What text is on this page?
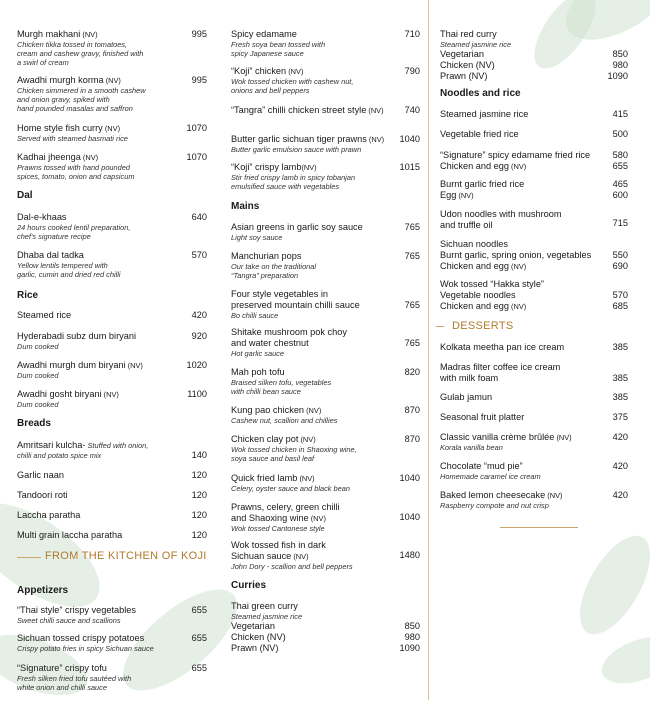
Murgh makhani (NV)
Chicken tikka tossed in tomatoes,
cream and cashew gravy, finished with
a swirl of cream
995
Awadhi murgh korma (NV)
Chicken simmered in a smooth cashew
and onion gravy, spiked with
hand pounded masalas and saffron
995
Home style fish curry (NV)
Served with steamed basmati rice
1070
Kadhai jheenga (NV)
Prawns tossed with hand pounded
spices, tomato, onion and capsicum
1070
Dal
Dal-e-khaas
24 hours cooked lentil preparation,
chef's signature recipe
640
Dhaba dal tadka
Yellow lentils tempered with
garlic, cumin and dried red chilli
570
Rice
Steamed rice	420
Hyderabadi subz dum biryani
Dum cooked
920
Awadhi murgh dum biryani (NV)
Dum cooked
1020
Awadhi gosht biryani (NV)
Dum cooked
1100
Breads
Amritsari kulcha- Stuffed with onion,
chilli and potato spice mix	140
Garlic naan	120
Tandoori roti	120
Laccha paratha	120
Multi grain laccha paratha	120
FROM THE KITCHEN OF KOJI
Appetizers
“Thai style” crispy vegetables
Sweet chilli sauce and scallions
655
Sichuan tossed crispy potatoes
Crispy potato fries in spicy Sichuan sauce
655
“Signature” crispy tofu
Fresh silken fried tofu sautéed with
white onion and chilli sauce
655
Spicy edamame
Fresh soya bean tossed with
spicy Japanese sauce
710
“Koji” chicken (NV)
Wok tossed chicken with cashew nut,
onions and bell peppers
790
“Tangra” chilli chicken street style (NV)	740
Butter garlic sichuan tiger prawns (NV)
Butter garlic emulsion sauce with prawn
1040
“Koji” crispy lamb(NV)
Stir fried crispy lamb in spicy tobanjan
emulsified sauce with vegetables
1015
Mains
Asian greens in garlic soy sauce
Light soy sauce
765
Manchurian pops
Our take on the traditional
“Tangra” preparation
765
Four style vegetables in
preserved mountain chilli sauce
Bo chilli sauce
765
Shitake mushroom pok choy
and water chestnut
Hot garlic sauce
765
Mah poh tofu
Braised silken tofu, vegetables
with chilli bean sauce
820
Kung pao chicken (NV)
Cashew nut, scallion and chillies
870
Chicken clay pot (NV)
Wok tossed chicken in Shaoxing wine,
soya sauce and basil leaf
870
Quick fried lamb (NV)
Celery, oyster sauce and black bean
1040
Prawns, celery, green chilli
and Shaoxing wine (NV)
Wok tossed Cantonese style
1040
Wok tossed fish in dark
Sichuan sauce (NV)
John Dory - scallion and bell peppers
1480
Curries
Thai green curry
Steamed jasmine rice
Vegetarian	850
Chicken (NV)	980
Prawn (NV)	1090
Thai red curry
Steamed jasmine rice
Vegetarian	850
Chicken (NV)	980
Prawn (NV)	1090
Noodles and rice
Steamed jasmine rice	415
Vegetable fried rice	500
“Signature” spicy edamame fried rice	580
Chicken and egg (NV)	655
Burnt garlic fried rice	465
Egg (NV)	600
Udon noodles with mushroom
and truffle oil	715
Sichuan noodles
Burnt garlic, spring onion, vegetables 550
Chicken and egg (NV)	690
Wok tossed “Hakka style”
Vegetable noodles	570
Chicken and egg (NV)	685
DESSERTS
Kolkata meetha pan ice cream	385
Madras filter coffee ice cream
with milk foam	385
Gulab jamun	385
Seasonal fruit platter	375
Classic vanilla crème brûlée (NV)
Korala vanilla bean
420
Chocolate “mud pie”
Homemade caramel ice cream
420
Baked lemon cheesecake (NV)
Raspberry compote and nut crisp
420
